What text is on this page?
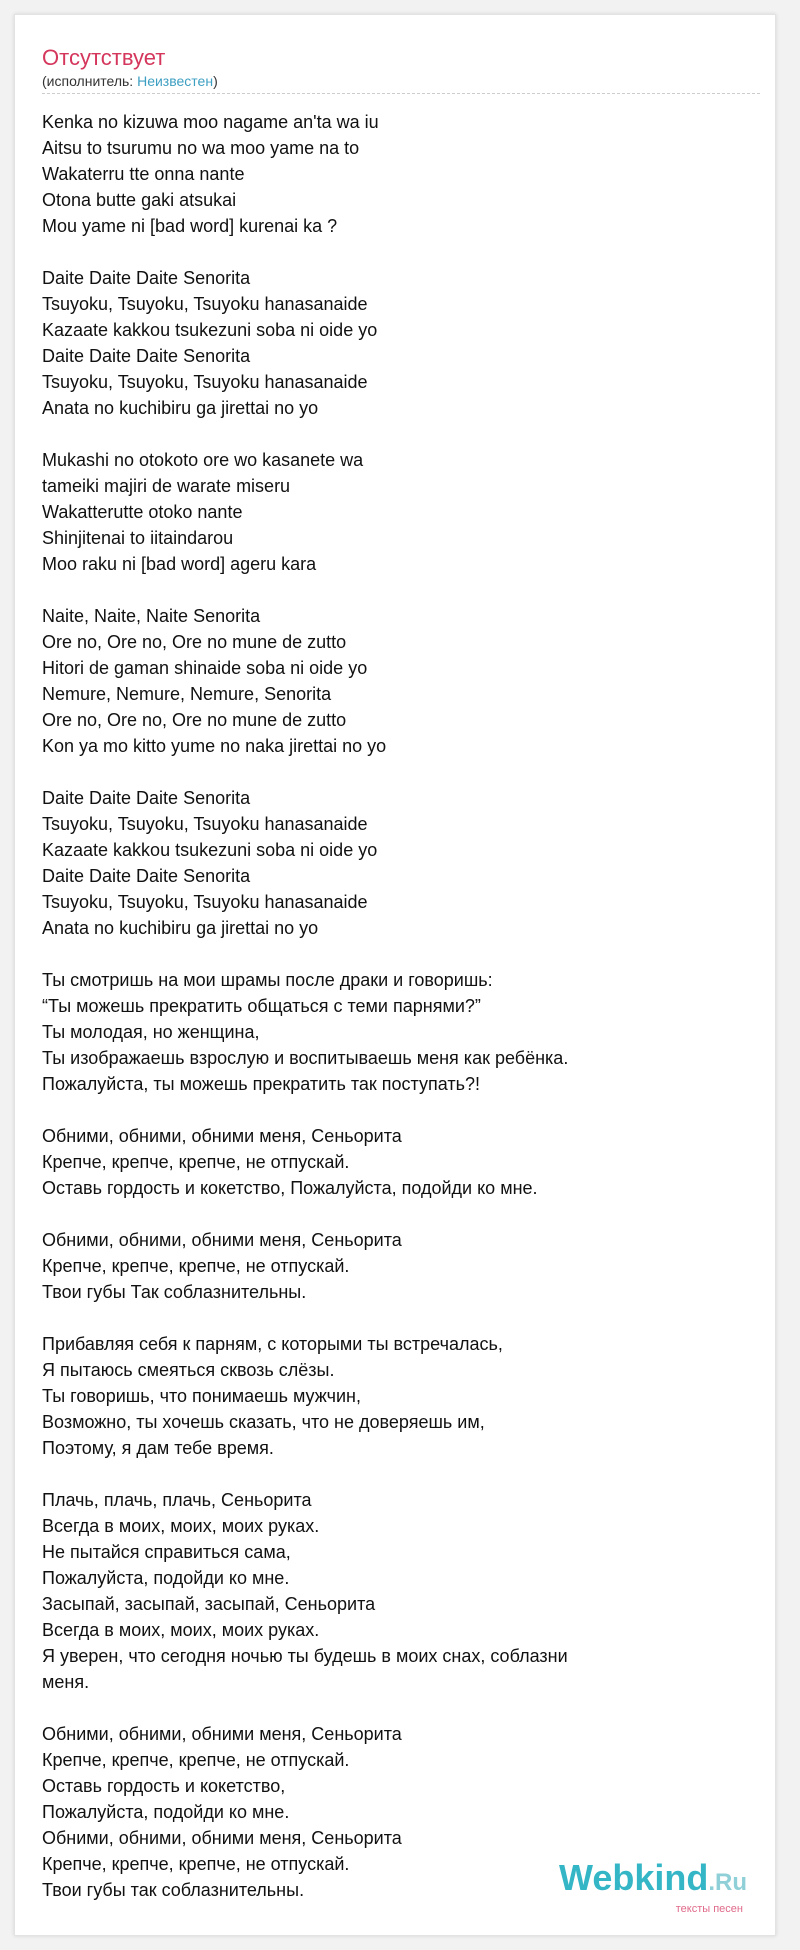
Отсутствует
(исполнитель: Неизвестен)
Kenka no kizuwa moo nagame an'ta wa iu
Aitsu to tsurumu no wa moo yame na to
Wakaterru tte onna nante
Otona butte gaki atsukai
Mou yame ni [bad word] kurenai ka ?
Daite Daite Daite Senorita
Tsuyoku, Tsuyoku, Tsuyoku hanasanaide
Kazaate kakkou tsukezuni soba ni oide yo
Daite Daite Daite Senorita
Tsuyoku, Tsuyoku, Tsuyoku hanasanaide
Anata no kuchibiru ga jirettai no yo
Mukashi no otokoto ore wo kasanete wa
tameiki majiri de warate miseru
Wakatterutte otoko nante
Shinjitenai to iitaindarou
Moo raku ni [bad word] ageru kara
Naite, Naite, Naite Senorita
Ore no, Ore no, Ore no mune de zutto
Hitori de gaman shinaide soba ni oide yo
Nemure, Nemure, Nemure, Senorita
Ore no, Ore no, Ore no mune de zutto
Kon ya mo kitto yume no naka jirettai no yo
Daite Daite Daite Senorita
Tsuyoku, Tsuyoku, Tsuyoku hanasanaide
Kazaate kakkou tsukezuni soba ni oide yo
Daite Daite Daite Senorita
Tsuyoku, Tsuyoku, Tsuyoku hanasanaide
Anata no kuchibiru ga jirettai no yo
Ты смотришь на мои шрамы после драки и говоришь:
“Ты можешь прекратить общаться с теми парнями?”
Ты молодая, но женщина,
Ты изображаешь взрослую и воспитываешь меня как ребёнка.
Пожалуйста, ты можешь прекратить так поступать?!
Обними, обними, обними меня, Сеньорита
Крепче, крепче, крепче, не отпускай.
Оставь гордость и кокетство, Пожалуйста, подойди ко мне.
Обними, обними, обними меня, Сеньорита
Крепче, крепче, крепче, не отпускай.
Твои губы Так соблазнительны.
Прибавляя себя к парням, с которыми ты встречалась,
Я пытаюсь смеяться сквозь слёзы.
Ты говоришь, что понимаешь мужчин,
Возможно, ты хочешь сказать, что не доверяешь им,
Поэтому, я дам тебе время.
Плачь, плачь, плачь, Сеньорита
Всегда в моих, моих, моих руках.
Не пытайся справиться сама,
Пожалуйста, подойди ко мне.
Засыпай, засыпай, засыпай, Сеньорита
Всегда в моих, моих, моих руках.
Я уверен, что сегодня ночью ты будешь в моих снах, соблазни
меня.
Обними, обними, обними меня, Сеньорита
Крепче, крепче, крепче, не отпускай.
Оставь гордость и кокетство,
Пожалуйста, подойди ко мне.
Обними, обними, обними меня, Сеньорита
Крепче, крепче, крепче, не отпускай.
Твои губы так соблазнительны.	Webkind.Ru
тексты песен
